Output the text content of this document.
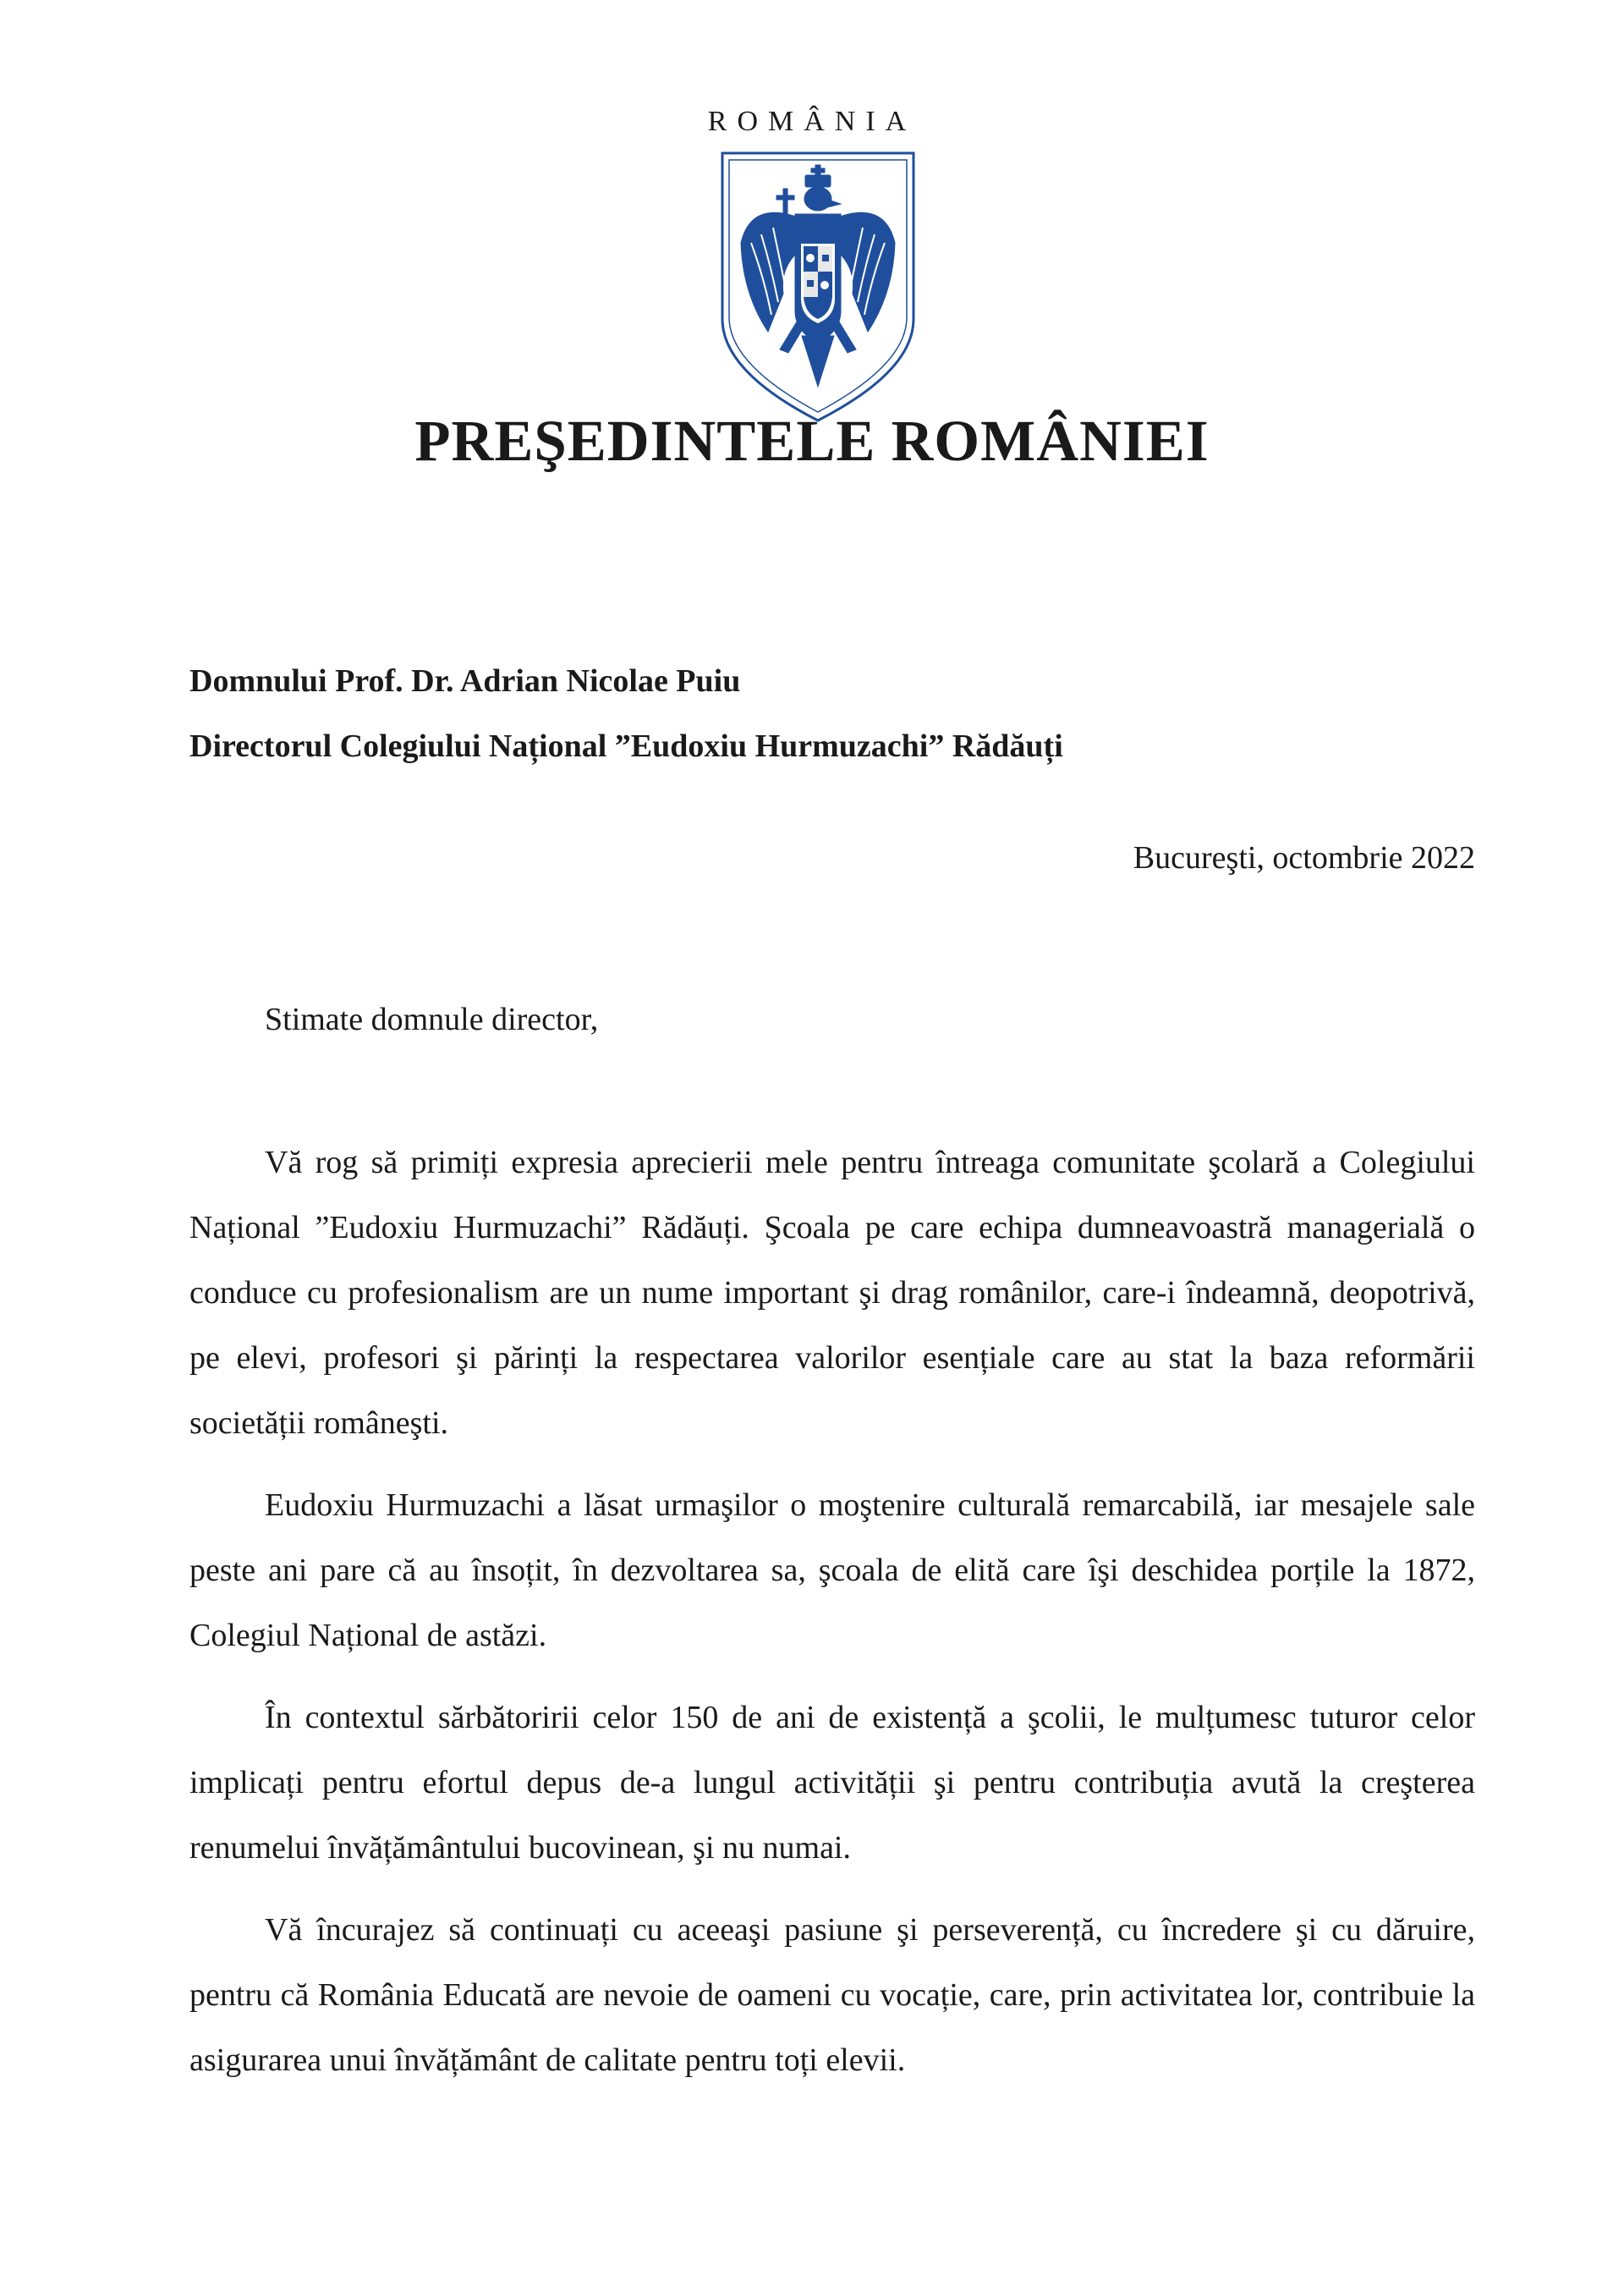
ROMÂNIA
PREŞEDINTELE ROMÂNIEI
Domnului Prof. Dr. Adrian Nicolae Puiu
Directorul Colegiului Național ”Eudoxiu Hurmuzachi” Rădăuți
Bucureşti, octombrie 2022
Stimate domnule director,

Vă rog să primiți expresia aprecierii mele pentru întreaga comunitate şcolară a Colegiului Național ”Eudoxiu Hurmuzachi” Rădăuți. Şcoala pe care echipa dumneavoastră managerială o conduce cu profesionalism are un nume important şi drag românilor, care-i îndeamnă, deopotrivă, pe elevi, profesori şi părinți la respectarea valorilor esențiale care au stat la baza reformării societății româneşti.

Eudoxiu Hurmuzachi a lăsat urmaşilor o moştenire culturală remarcabilă, iar mesajele sale peste ani pare că au însoțit, în dezvoltarea sa, şcoala de elită care îşi deschidea porțile la 1872, Colegiul Național de astăzi.

În contextul sărbătoririi celor 150 de ani de existență a şcolii, le mulțumesc tuturor celor implicați pentru efortul depus de-a lungul activității şi pentru contribuția avută la creşterea renumelui învățământului bucovinean, şi nu numai.

Vă încurajez să continuați cu aceeaşi pasiune şi perseverență, cu încredere şi cu dăruire, pentru că România Educată are nevoie de oameni cu vocație, care, prin activitatea lor, contribuie la asigurarea unui învățământ de calitate pentru toți elevii.
